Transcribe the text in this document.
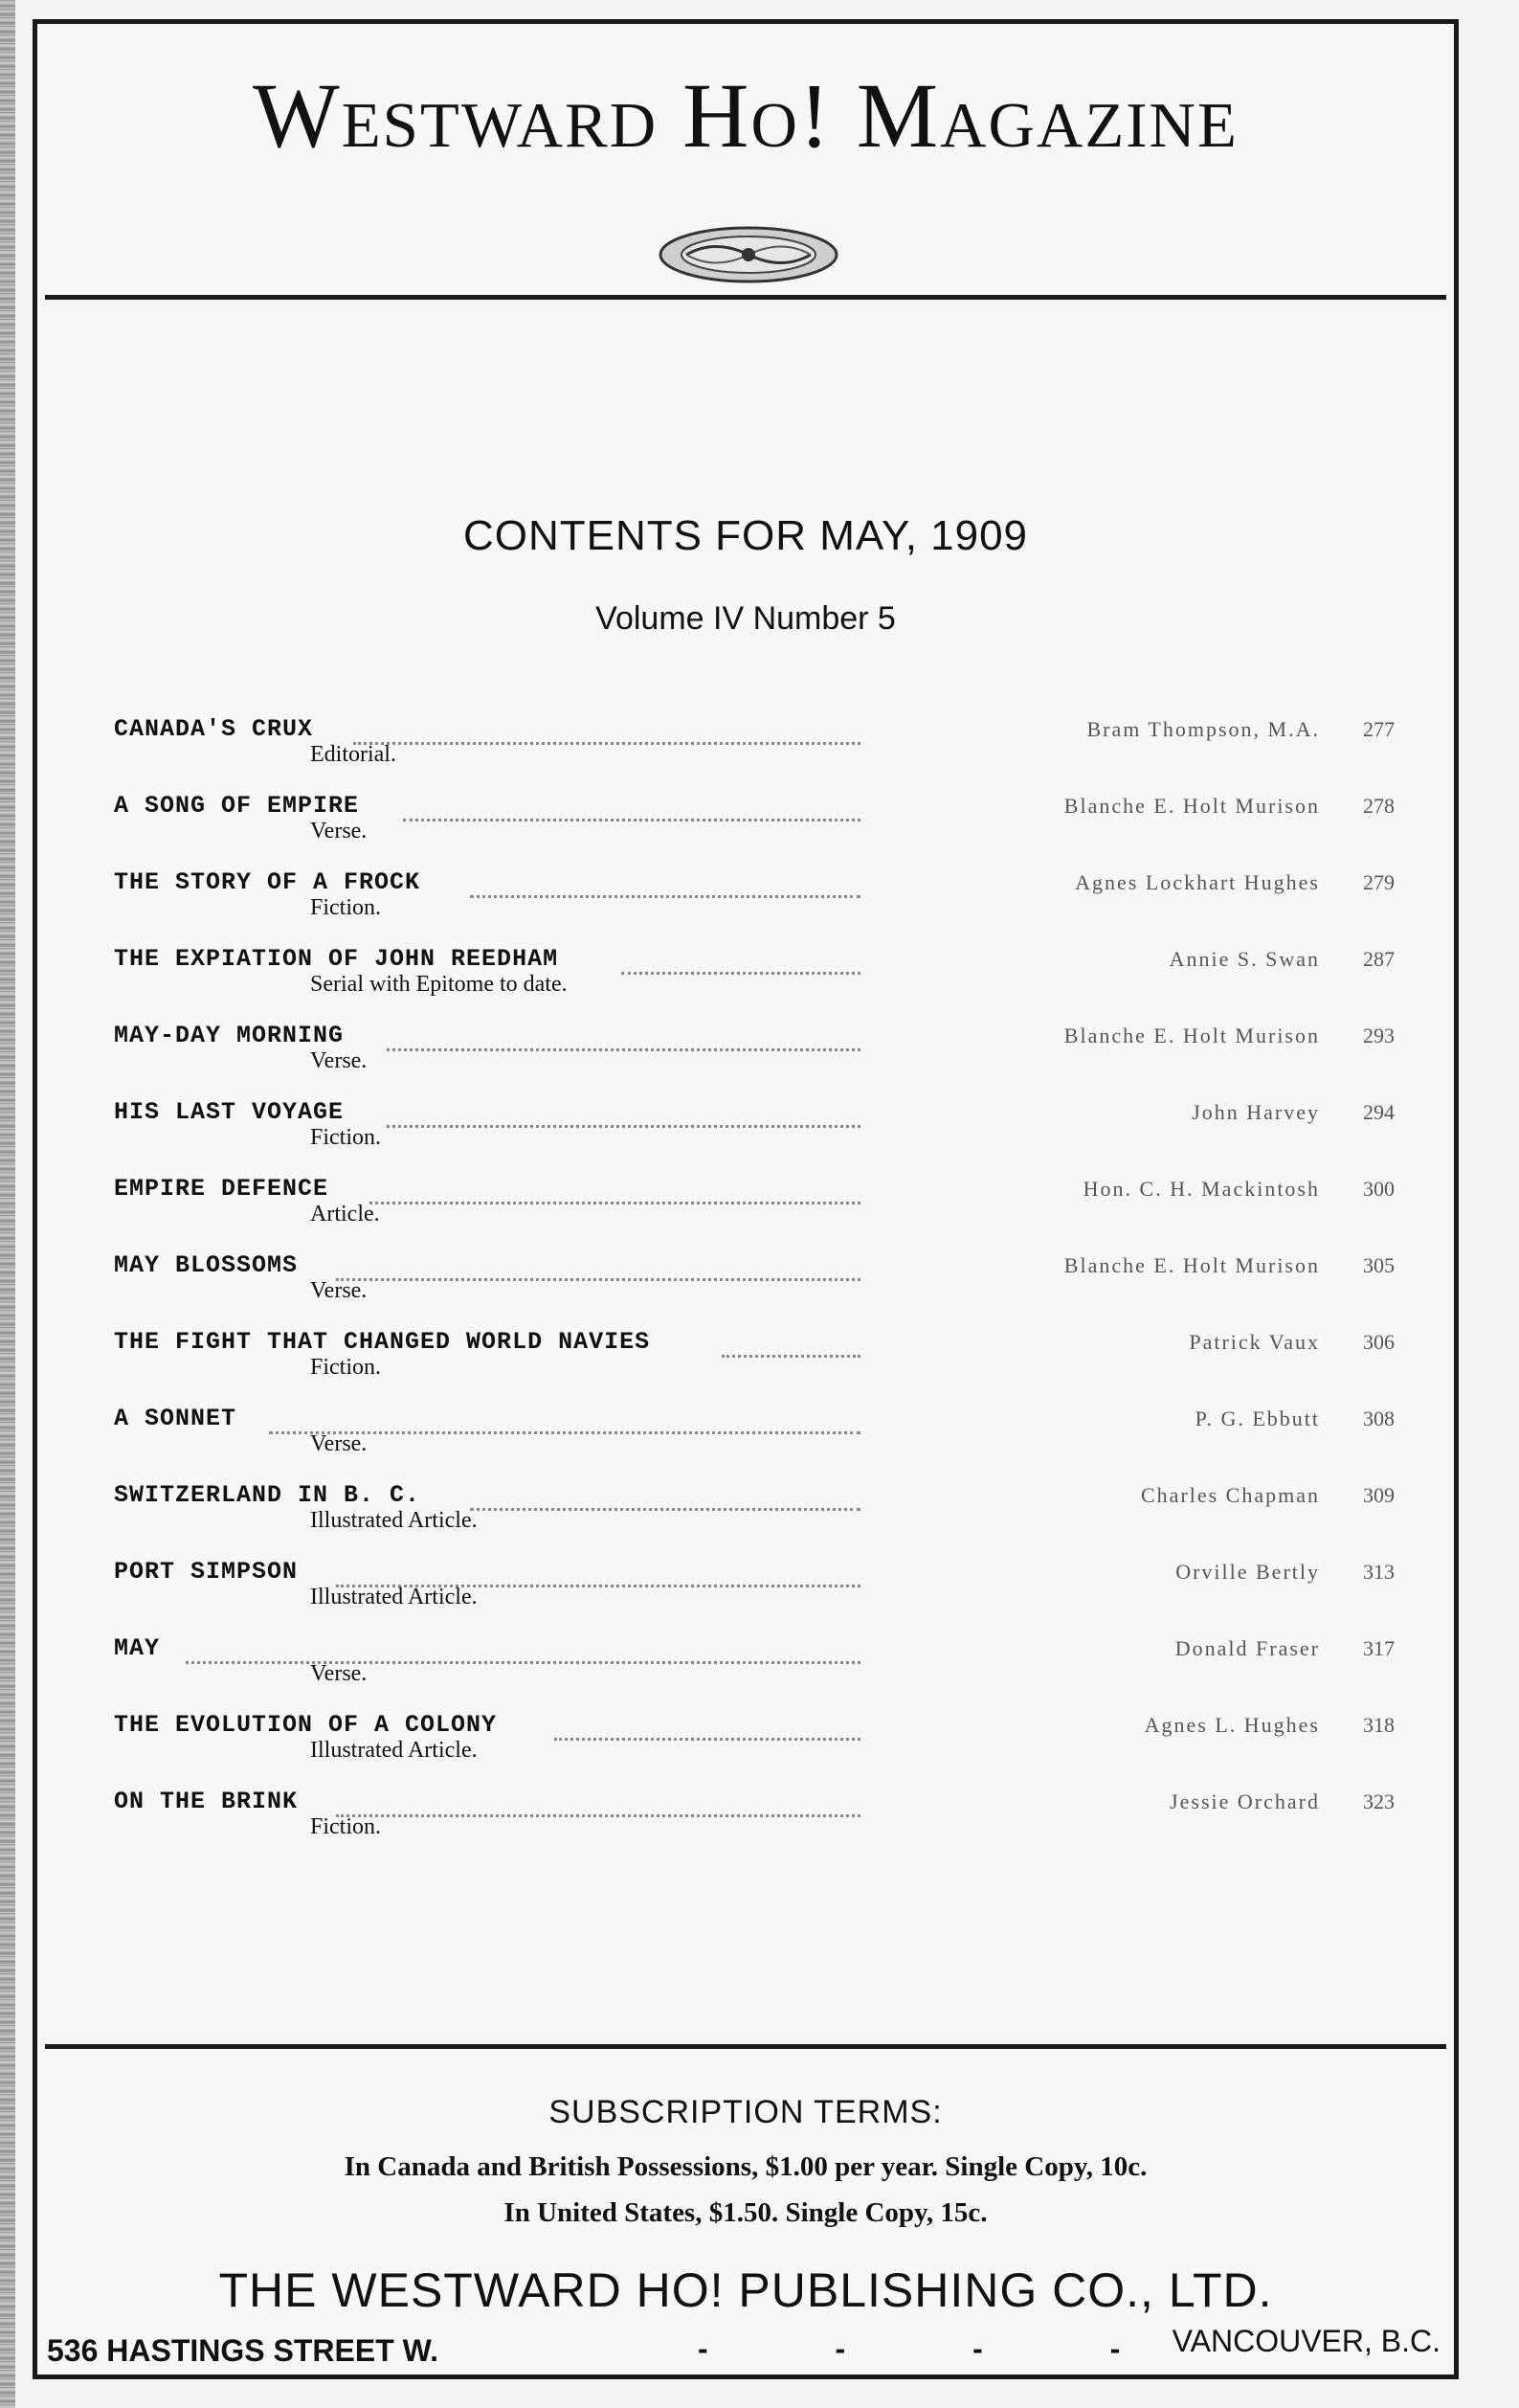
Westward Ho! Magazine
CONTENTS FOR MAY, 1909
Volume IV Number 5
CANADA'S CRUX	Bram Thompson, M.A. 277
Editorial.
A SONG OF EMPIRE	Blanche E. Holt Murison 278
Verse.
THE STORY OF A FROCK	Agnes Lockhart Hughes 279
Fiction.
THE EXPIATION OF JOHN REEDHAM	Annie S. Swan 287
Serial with Epitome to date.
MAY-DAY MORNING	Blanche E. Holt Murison 293
Verse.
HIS LAST VOYAGE	John Harvey 294
Fiction.
EMPIRE DEFENCE	Hon. C. H. Mackintosh 300
Article.
MAY BLOSSOMS	Blanche E. Holt Murison 305
Verse.
THE FIGHT THAT CHANGED WORLD NAVIES	Patrick Vaux 306
Fiction.
A SONNET	P. G. Ebbutt 308
Verse.
SWITZERLAND IN B. C.	Charles Chapman 309
Illustrated Article.
PORT SIMPSON	Orville Bertly 313
Illustrated Article.
MAY	Donald Fraser 317
Verse.
THE EVOLUTION OF A COLONY	Agnes L. Hughes 318
Illustrated Article.
ON THE BRINK	Jessie Orchard 323
Fiction.
SUBSCRIPTION TERMS:
In Canada and British Possessions, $1.00 per year. Single Copy, 10c.
In United States, $1.50. Single Copy, 15c.
THE WESTWARD HO! PUBLISHING CO., LTD.
536 HASTINGS STREET W.	- - - -
VANCOUVER, B.C.
